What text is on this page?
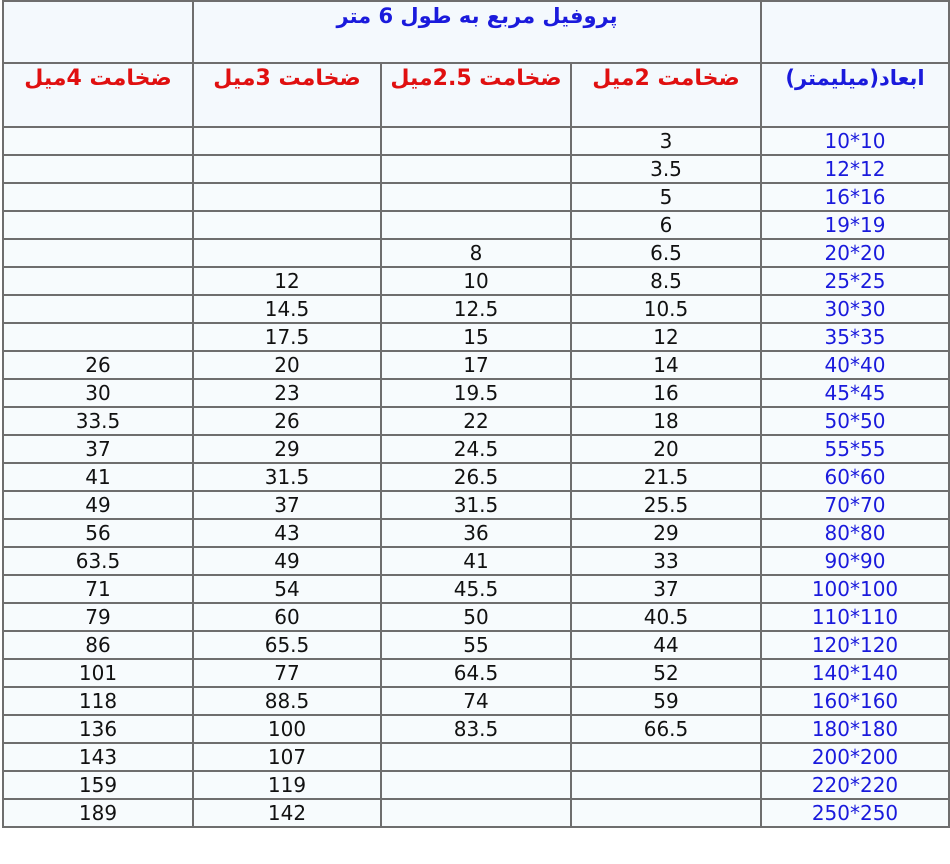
	پروفیل مربع به طول 6 متر			
ضخامت 4میل	ضخامت 3میل	ضخامت 2.5میل	ضخامت 2میل	ابعاد(میلیمتر)
			3	10*10
			3.5	12*12
			5	16*16
			6	19*19
		8	6.5	20*20
	12	10	8.5	25*25
	14.5	12.5	10.5	30*30
	17.5	15	12	35*35
26	20	17	14	40*40
30	23	19.5	16	45*45
33.5	26	22	18	50*50
37	29	24.5	20	55*55
41	31.5	26.5	21.5	60*60
49	37	31.5	25.5	70*70
56	43	36	29	80*80
63.5	49	41	33	90*90
71	54	45.5	37	100*100
79	60	50	40.5	110*110
86	65.5	55	44	120*120
101	77	64.5	52	140*140
118	88.5	74	59	160*160
136	100	83.5	66.5	180*180
143	107			200*200
159	119			220*220
189	142			250*250
